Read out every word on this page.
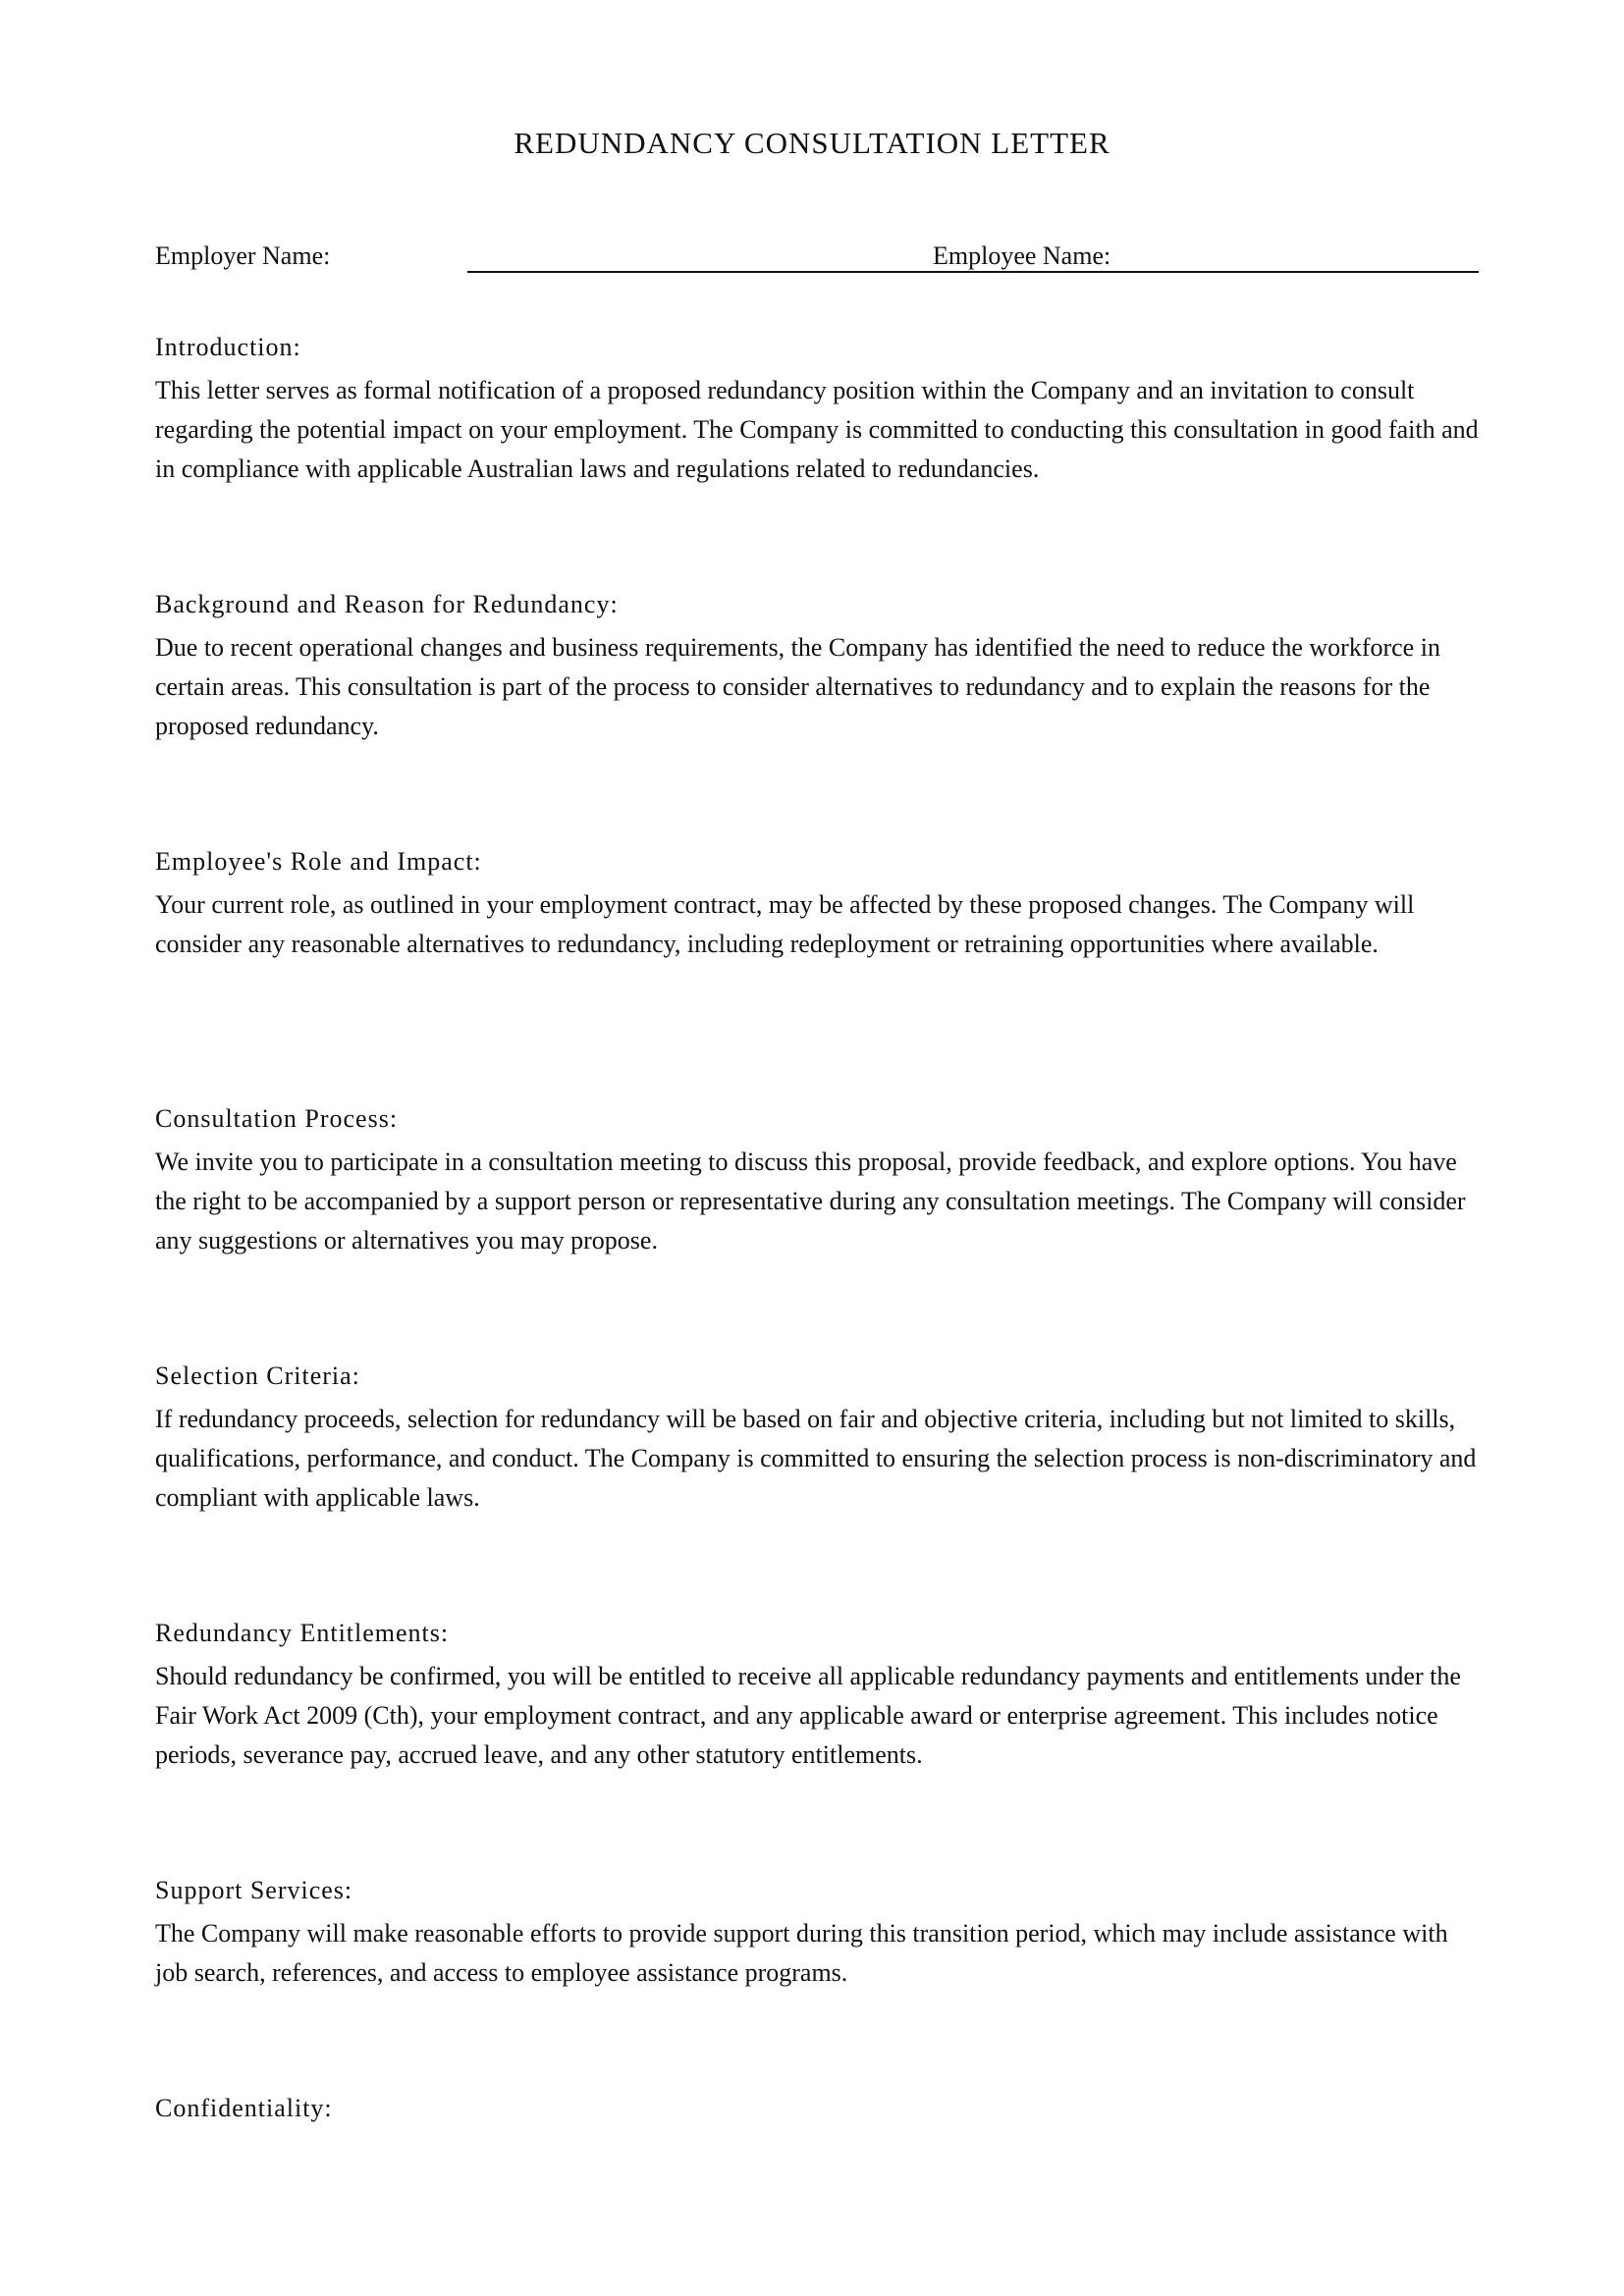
REDUNDANCY CONSULTATION LETTER
Employer Name:	Employee Name:
Introduction:

This letter serves as formal notification of a proposed redundancy position within the Company and an invitation to consult regarding the potential impact on your employment. The Company is committed to conducting this consultation in good faith and in compliance with applicable Australian laws and regulations related to redundancies.

Background and Reason for Redundancy:

Due to recent operational changes and business requirements, the Company has identified the need to reduce the workforce in certain areas. This consultation is part of the process to consider alternatives to redundancy and to explain the reasons for the proposed redundancy.

Employee's Role and Impact:

Your current role, as outlined in your employment contract, may be affected by these proposed changes. The Company will consider any reasonable alternatives to redundancy, including redeployment or retraining opportunities where available.

Consultation Process:

We invite you to participate in a consultation meeting to discuss this proposal, provide feedback, and explore options. You have the right to be accompanied by a support person or representative during any consultation meetings. The Company will consider any suggestions or alternatives you may propose.

Selection Criteria:

If redundancy proceeds, selection for redundancy will be based on fair and objective criteria, including but not limited to skills, qualifications, performance, and conduct. The Company is committed to ensuring the selection process is non-discriminatory and compliant with applicable laws.

Redundancy Entitlements:

Should redundancy be confirmed, you will be entitled to receive all applicable redundancy payments and entitlements under the Fair Work Act 2009 (Cth), your employment contract, and any applicable award or enterprise agreement. This includes notice periods, severance pay, accrued leave, and any other statutory entitlements.

Support Services:

The Company will make reasonable efforts to provide support during this transition period, which may include assistance with job search, references, and access to employee assistance programs.

Confidentiality:
